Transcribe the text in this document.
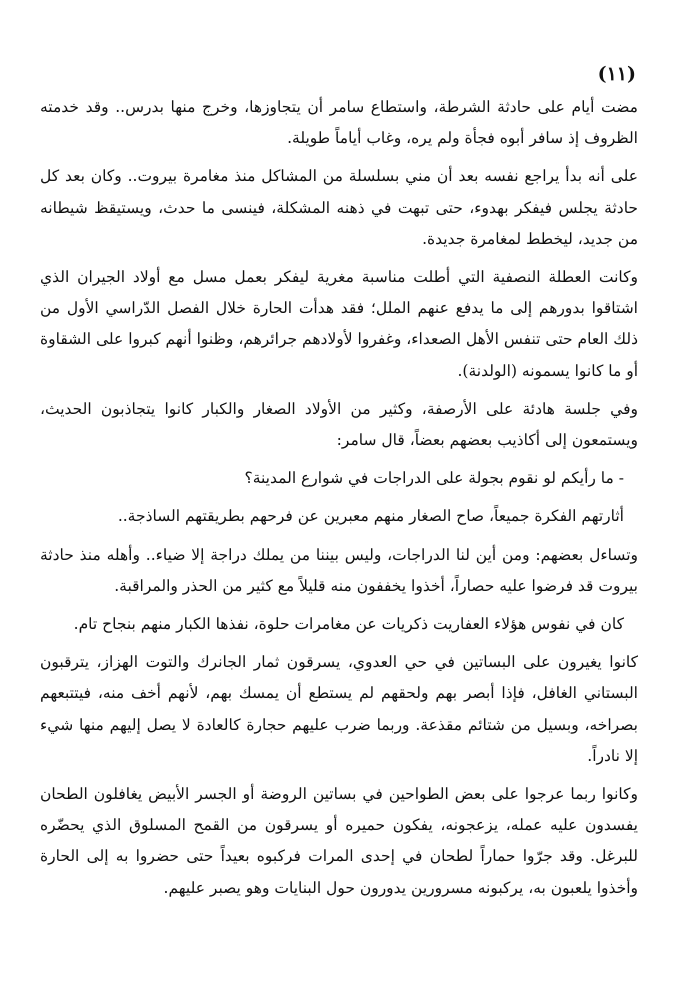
(١١)

مضت أيام على حادثة الشرطة، واستطاع سامر أن يتجاوزها، وخرج منها بدرس.. وقد خدمته الظروف إذ سافر أبوه فجأة ولم يره، وغاب أياماً طويلة.

على أنه بدأ يراجع نفسه بعد أن مني بسلسلة من المشاكل منذ مغامرة بيروت.. وكان بعد كل حادثة يجلس فيفكر بهدوء، حتى تبهت في ذهنه المشكلة، فينسى ما حدث، ويستيقظ شيطانه من جديد، ليخطط لمغامرة جديدة.

وكانت العطلة النصفية التي أطلت مناسبة مغرية ليفكر بعمل مسل مع أولاد الجيران الذي اشتاقوا بدورهم إلى ما يدفع عنهم الملل؛ فقد هدأت الحارة خلال الفصل الدّراسي الأول من ذلك العام حتى تنفس الأهل الصعداء، وغفروا لأولادهم جرائرهم، وظنوا أنهم كبروا على الشقاوة أو ما كانوا يسمونه (الولدنة).

وفي جلسة هادئة على الأرصفة، وكثير من الأولاد الصغار والكبار كانوا يتجاذبون الحديث، ويستمعون إلى أكاذيب بعضهم بعضاً، قال سامر:

- ما رأيكم لو نقوم بجولة على الدراجات في شوارع المدينة؟

أثارتهم الفكرة جميعاً، صاح الصغار منهم معبرين عن فرحهم بطريقتهم الساذجة..

وتساءل بعضهم: ومن أين لنا الدراجات، وليس بيننا من يملك دراجة إلا ضياء.. وأهله منذ حادثة بيروت قد فرضوا عليه حصاراً، أخذوا يخففون منه قليلاً مع كثير من الحذر والمراقبة.

كان في نفوس هؤلاء العفاريت ذكريات عن مغامرات حلوة، نفذها الكبار منهم بنجاح تام.

كانوا يغيرون على البساتين في حي العدوي، يسرقون ثمار الجانرك والتوت الهزاز، يترقبون البستاني الغافل، فإذا أبصر بهم ولحقهم لم يستطع أن يمسك بهم، لأنهم أخف منه، فيتتبعهم بصراخه، وبسيل من شتائم مقذعة. وربما ضرب عليهم حجارة كالعادة لا يصل إليهم منها شيء إلا نادراً.

وكانوا ربما عرجوا على بعض الطواحين في بساتين الروضة أو الجسر الأبيض يغافلون الطحان يفسدون عليه عمله، يزعجونه، يفكون حميره أو يسرقون من القمح المسلوق الذي يحضّره للبرغل. وقد جرّوا حماراً لطحان في إحدى المرات فركبوه بعيداً حتى حضروا به إلى الحارة وأخذوا يلعبون به، يركبونه مسرورين يدورون حول البنايات وهو يصبر عليهم.
